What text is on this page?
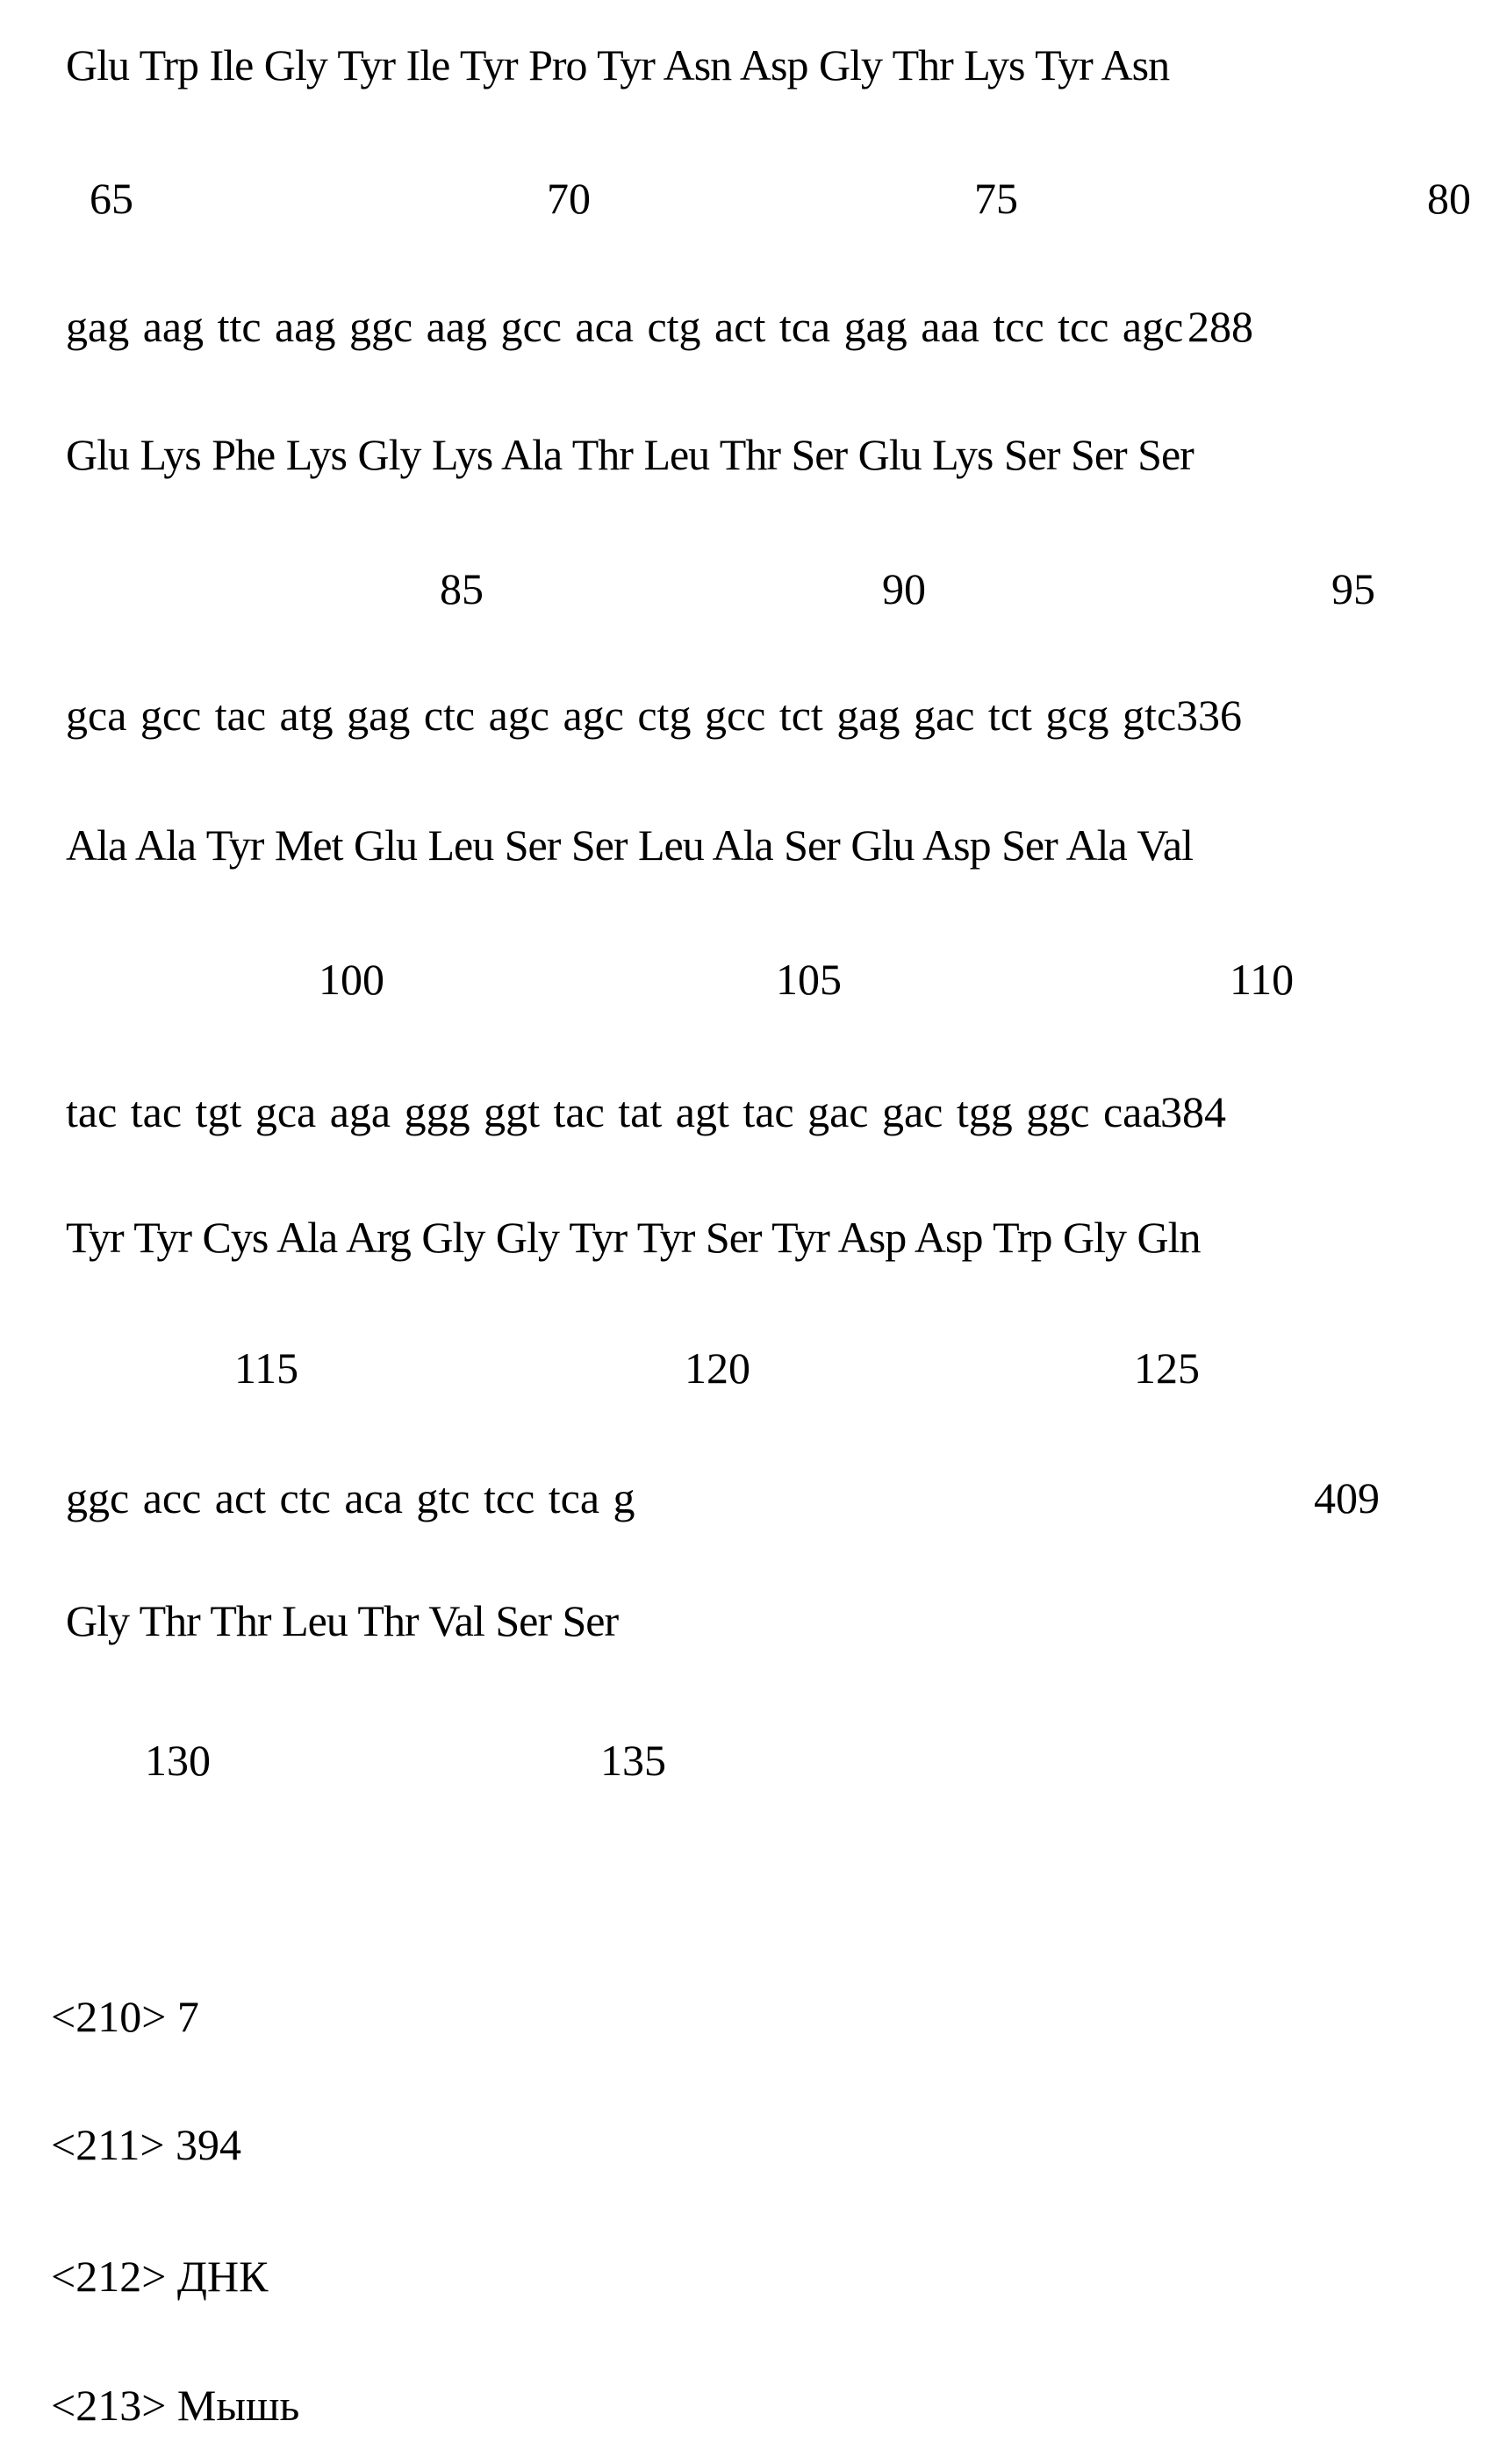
Glu Trp Ile Gly Tyr Ile Tyr Pro Tyr Asn Asp Gly Thr Lys Tyr Asn
65	70	75	80
gag aag ttc aag ggc aag gcc aca ctg act tca gag aaa tcc tcc agc 288
Glu Lys Phe Lys Gly Lys Ala Thr Leu Thr Ser Glu Lys Ser Ser Ser
85	90	95
gca gcc tac atg gag ctc agc agc ctg gcc tct gag gac tct gcg gtc 336
Ala Ala Tyr Met Glu Leu Ser Ser Leu Ala Ser Glu Asp Ser Ala Val
100	105	110
tac tac tgt gca aga ggg ggt tac tat agt tac gac gac tgg ggc caa
384
Tyr Tyr Cys Ala Arg Gly Gly Tyr Tyr Ser Tyr Asp Asp Trp Gly Gln
115	120	125
ggc acc act ctc aca gtc tcc tca g	409
Gly Thr Thr Leu Thr Val Ser Ser
130	135
<210> 7
<211> 394
<212> ДНК
<213> Мышь
